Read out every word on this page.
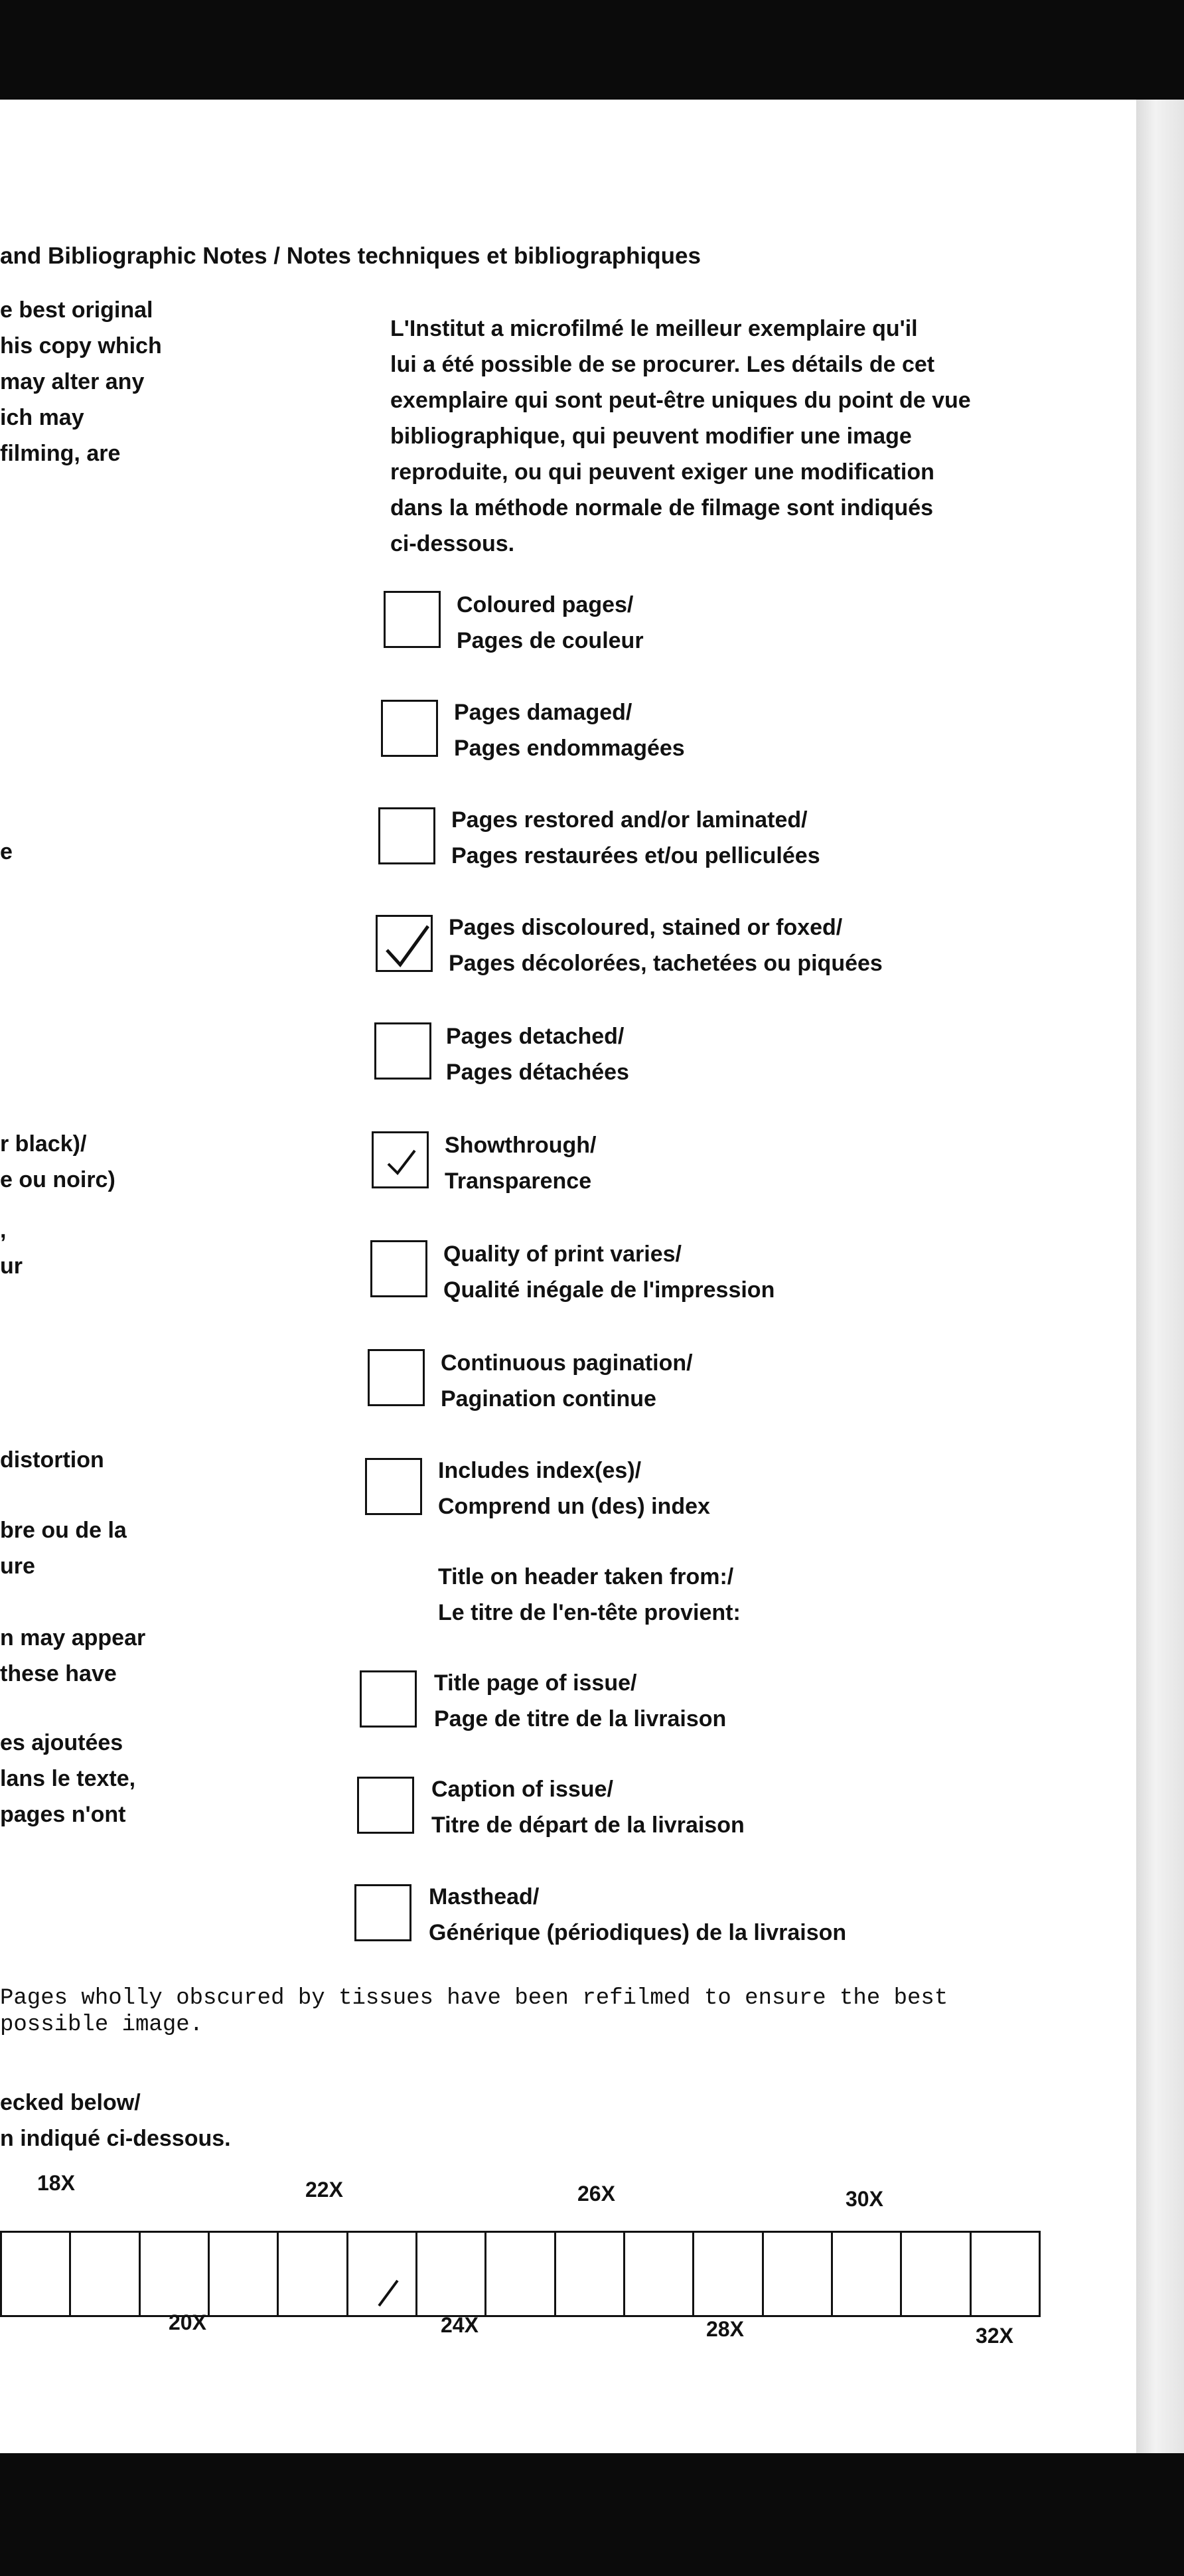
and Bibliographic Notes / Notes techniques et bibliographiques
e best original
his copy which
may alter any
ich may
filming, are
e
r black)/
e ou noirc)
,
ur
distortion
bre ou de la
ure
n may appear
these have
es ajoutées
lans le texte,
pages n'ont
L'Institut a microfilmé le meilleur exemplaire qu'il
lui a été possible de se procurer. Les détails de cet
exemplaire qui sont peut-être uniques du point de vue
bibliographique, qui peuvent modifier une image
reproduite, ou qui peuvent exiger une modification
dans la méthode normale de filmage sont indiqués
ci-dessous.
Coloured pages/
Pages de couleur
Pages damaged/
Pages endommagées
Pages restored and/or laminated/
Pages restaurées et/ou pelliculées
Pages discoloured, stained or foxed/
Pages décolorées, tachetées ou piquées
Pages detached/
Pages détachées
Showthrough/
Transparence
Quality of print varies/
Qualité inégale de l'impression
Continuous pagination/
Pagination continue
Includes index(es)/
Comprend un (des) index
Title on header taken from:/
Le titre de l'en-tête provient:
Title page of issue/
Page de titre de la livraison
Caption of issue/
Titre de départ de la livraison
Masthead/
Générique (périodiques) de la livraison
Pages wholly obscured by tissues have been refilmed to ensure the best
possible image.
ecked below/
n indiqué ci-dessous.
18X	22X	26X	30X
20X	24X	28X	32X
